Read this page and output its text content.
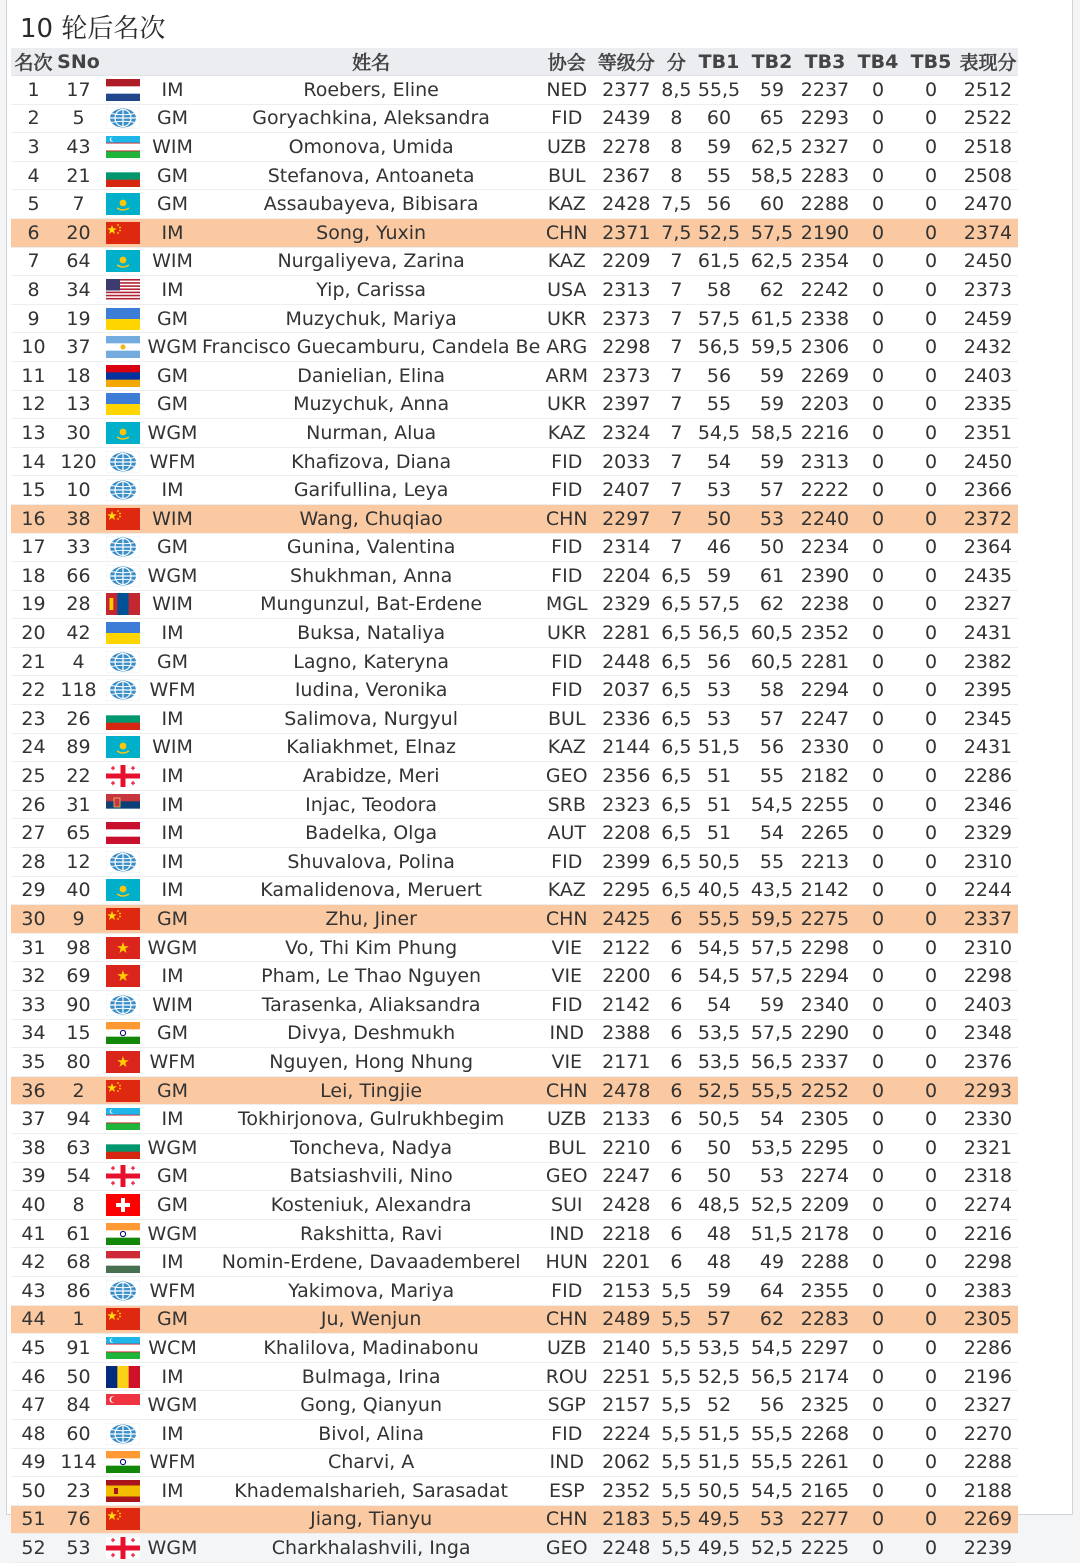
10 轮后名次
名次	SNo			姓名	协会	等级分	分	TB1	TB2	TB3	TB4	TB5	表现分
1	17		IM	Roebers, Eline	NED	2377	8,5	55,5	59	2237	0	0	2512
2	5		GM	Goryachkina, Aleksandra	FID	2439	8	60	65	2293	0	0	2522
3	43		WIM	Omonova, Umida	UZB	2278	8	59	62,5	2327	0	0	2518
4	21		GM	Stefanova, Antoaneta	BUL	2367	8	55	58,5	2283	0	0	2508
5	7		GM	Assaubayeva, Bibisara	KAZ	2428	7,5	56	60	2288	0	0	2470
6	20		IM	Song, Yuxin	CHN	2371	7,5	52,5	57,5	2190	0	0	2374
7	64		WIM	Nurgaliyeva, Zarina	KAZ	2209	7	61,5	62,5	2354	0	0	2450
8	34		IM	Yip, Carissa	USA	2313	7	58	62	2242	0	0	2373
9	19		GM	Muzychuk, Mariya	UKR	2373	7	57,5	61,5	2338	0	0	2459
10	37		WGM	Francisco Guecamburu, Candela Be	ARG	2298	7	56,5	59,5	2306	0	0	2432
11	18		GM	Danielian, Elina	ARM	2373	7	56	59	2269	0	0	2403
12	13		GM	Muzychuk, Anna	UKR	2397	7	55	59	2203	0	0	2335
13	30		WGM	Nurman, Alua	KAZ	2324	7	54,5	58,5	2216	0	0	2351
14	120		WFM	Khafizova, Diana	FID	2033	7	54	59	2313	0	0	2450
15	10		IM	Garifullina, Leya	FID	2407	7	53	57	2222	0	0	2366
16	38		WIM	Wang, Chuqiao	CHN	2297	7	50	53	2240	0	0	2372
17	33		GM	Gunina, Valentina	FID	2314	7	46	50	2234	0	0	2364
18	66		WGM	Shukhman, Anna	FID	2204	6,5	59	61	2390	0	0	2435
19	28		WIM	Mungunzul, Bat-Erdene	MGL	2329	6,5	57,5	62	2238	0	0	2327
20	42		IM	Buksa, Nataliya	UKR	2281	6,5	56,5	60,5	2352	0	0	2431
21	4		GM	Lagno, Kateryna	FID	2448	6,5	56	60,5	2281	0	0	2382
22	118		WFM	Iudina, Veronika	FID	2037	6,5	53	58	2294	0	0	2395
23	26		IM	Salimova, Nurgyul	BUL	2336	6,5	53	57	2247	0	0	2345
24	89		WIM	Kaliakhmet, Elnaz	KAZ	2144	6,5	51,5	56	2330	0	0	2431
25	22		IM	Arabidze, Meri	GEO	2356	6,5	51	55	2182	0	0	2286
26	31		IM	Injac, Teodora	SRB	2323	6,5	51	54,5	2255	0	0	2346
27	65		IM	Badelka, Olga	AUT	2208	6,5	51	54	2265	0	0	2329
28	12		IM	Shuvalova, Polina	FID	2399	6,5	50,5	55	2213	0	0	2310
29	40		IM	Kamalidenova, Meruert	KAZ	2295	6,5	40,5	43,5	2142	0	0	2244
30	9		GM	Zhu, Jiner	CHN	2425	6	55,5	59,5	2275	0	0	2337
31	98		WGM	Vo, Thi Kim Phung	VIE	2122	6	54,5	57,5	2298	0	0	2310
32	69		IM	Pham, Le Thao Nguyen	VIE	2200	6	54,5	57,5	2294	0	0	2298
33	90		WIM	Tarasenka, Aliaksandra	FID	2142	6	54	59	2340	0	0	2403
34	15		GM	Divya, Deshmukh	IND	2388	6	53,5	57,5	2290	0	0	2348
35	80		WFM	Nguyen, Hong Nhung	VIE	2171	6	53,5	56,5	2337	0	0	2376
36	2		GM	Lei, Tingjie	CHN	2478	6	52,5	55,5	2252	0	0	2293
37	94		IM	Tokhirjonova, Gulrukhbegim	UZB	2133	6	50,5	54	2305	0	0	2330
38	63		WGM	Toncheva, Nadya	BUL	2210	6	50	53,5	2295	0	0	2321
39	54		GM	Batsiashvili, Nino	GEO	2247	6	50	53	2274	0	0	2318
40	8		GM	Kosteniuk, Alexandra	SUI	2428	6	48,5	52,5	2209	0	0	2274
41	61		WGM	Rakshitta, Ravi	IND	2218	6	48	51,5	2178	0	0	2216
42	68		IM	Nomin-Erdene, Davaademberel	HUN	2201	6	48	49	2288	0	0	2298
43	86		WFM	Yakimova, Mariya	FID	2153	5,5	59	64	2355	0	0	2383
44	1		GM	Ju, Wenjun	CHN	2489	5,5	57	62	2283	0	0	2305
45	91		WCM	Khalilova, Madinabonu	UZB	2140	5,5	53,5	54,5	2297	0	0	2286
46	50		IM	Bulmaga, Irina	ROU	2251	5,5	52,5	56,5	2174	0	0	2196
47	84		WGM	Gong, Qianyun	SGP	2157	5,5	52	56	2325	0	0	2327
48	60		IM	Bivol, Alina	FID	2224	5,5	51,5	55,5	2268	0	0	2270
49	114		WFM	Charvi, A	IND	2062	5,5	51,5	55,5	2261	0	0	2288
50	23		IM	Khademalsharieh, Sarasadat	ESP	2352	5,5	50,5	54,5	2165	0	0	2188
51	76			Jiang, Tianyu	CHN	2183	5,5	49,5	53	2277	0	0	2269
52	53		WGM	Charkhalashvili, Inga	GEO	2248	5,5	49,5	52,5	2225	0	0	2239
